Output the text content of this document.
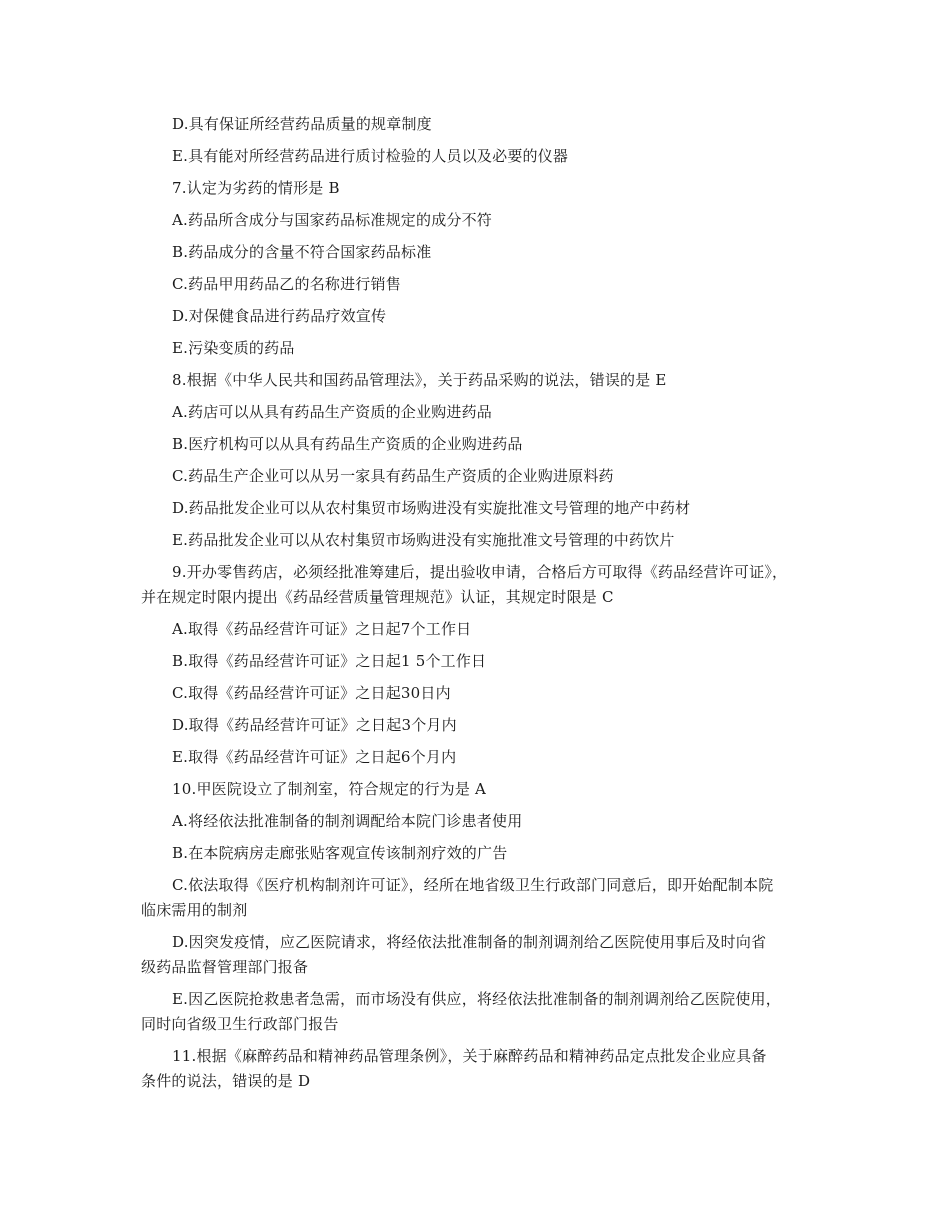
D.具有保证所经营药品质量的规章制度
E.具有能对所经营药品进行质讨检验的人员以及必要的仪器
7.认定为劣药的情形是 B
A.药品所含成分与国家药品标准规定的成分不符
B.药品成分的含量不符合国家药品标准
C.药品甲用药品乙的名称进行销售
D.对保健食品进行药品疗效宣传
E.污染变质的药品
8.根据《中华人民共和国药品管理法》，关于药品采购的说法，错误的是 E
A.药店可以从具有药品生产资质的企业购进药品
B.医疗机构可以从具有药品生产资质的企业购进药品
C.药品生产企业可以从另一家具有药品生产资质的企业购进原料药
D.药品批发企业可以从农村集贸市场购进没有实旋批准文号管理的地产中药材
E.药品批发企业可以从农村集贸市场购进没有实施批准文号管理的中药饮片
9.开办零售药店，必须经批准筹建后，提出验收申请，合格后方可取得《药品经营许可证》，
并在规定时限内提出《药品经营质量管理规范》认证，其规定时限是 C
A.取得《药品经营许可证》之日起7个工作日
B.取得《药品经营许可证》之日起1 5个工作日
C.取得《药品经营许可证》之日起30日内
D.取得《药品经营许可证》之日起3个月内
E.取得《药品经营许可证》之日起6个月内
10.甲医院设立了制剂室，符合规定的行为是 A
A.将经依法批准制备的制剂调配给本院门诊患者使用
B.在本院病房走廊张贴客观宣传该制剂疗效的广告
C.依法取得《医疗机构制剂许可证》，经所在地省级卫生行政部门同意后，即开始配制本院
临床需用的制剂
D.因突发疫情，应乙医院请求，将经依法批准制备的制剂调剂给乙医院使用事后及时向省
级药品监督管理部门报备
E.因乙医院抢救患者急需，而市场没有供应，将经依法批准制备的制剂调剂给乙医院使用，
同时向省级卫生行政部门报告
11.根据《麻醉药品和精神药品管理条例》，关于麻醉药品和精神药品定点批发企业应具备
条件的说法，错误的是 D
